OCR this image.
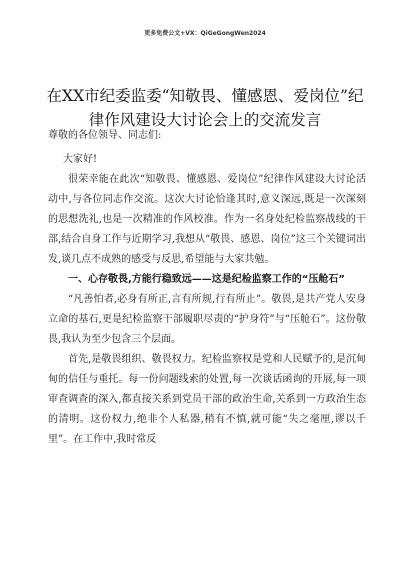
更多免费公文+VX：QiGeGongWen2024
在XX市纪委监委“知敬畏、懂感恩、爱岗位”纪律作风建设大讨论会上的交流发言

尊敬的各位领导、同志们:

大家好!

很荣幸能在此次“知敬畏、懂感恩、爱岗位”纪律作风建设大讨论活动中,与各位同志作交流。这次大讨论恰逢其时,意义深远,既是一次深刻的思想洗礼,也是一次精准的作风校准。作为一名身处纪检监察战线的干部,结合自身工作与近期学习,我想从“敬畏、感恩、岗位”这三个关键词出发,谈几点不成熟的感受与反思,希望能与大家共勉。

一、心存敬畏,方能行稳致远——这是纪检监察工作的“压舱石”

“凡善怕者,必身有所正,言有所规,行有所止”。敬畏,是共产党人安身立命的基石,更是纪检监察干部履职尽责的“护身符”与“压舱石”。这份敬畏,我认为至少包含三个层面。

首先,是敬畏组织、敬畏权力。纪检监察权是党和人民赋予的,是沉甸甸的信任与重托。每一份问题线索的处置,每一次谈话函询的开展,每一项审查调查的深入,都直接关系到党员干部的政治生命,关系到一方政治生态的清明。这份权力,绝非个人私器,稍有不慎,就可能“失之毫厘,谬以千里”。在工作中,我时常反
